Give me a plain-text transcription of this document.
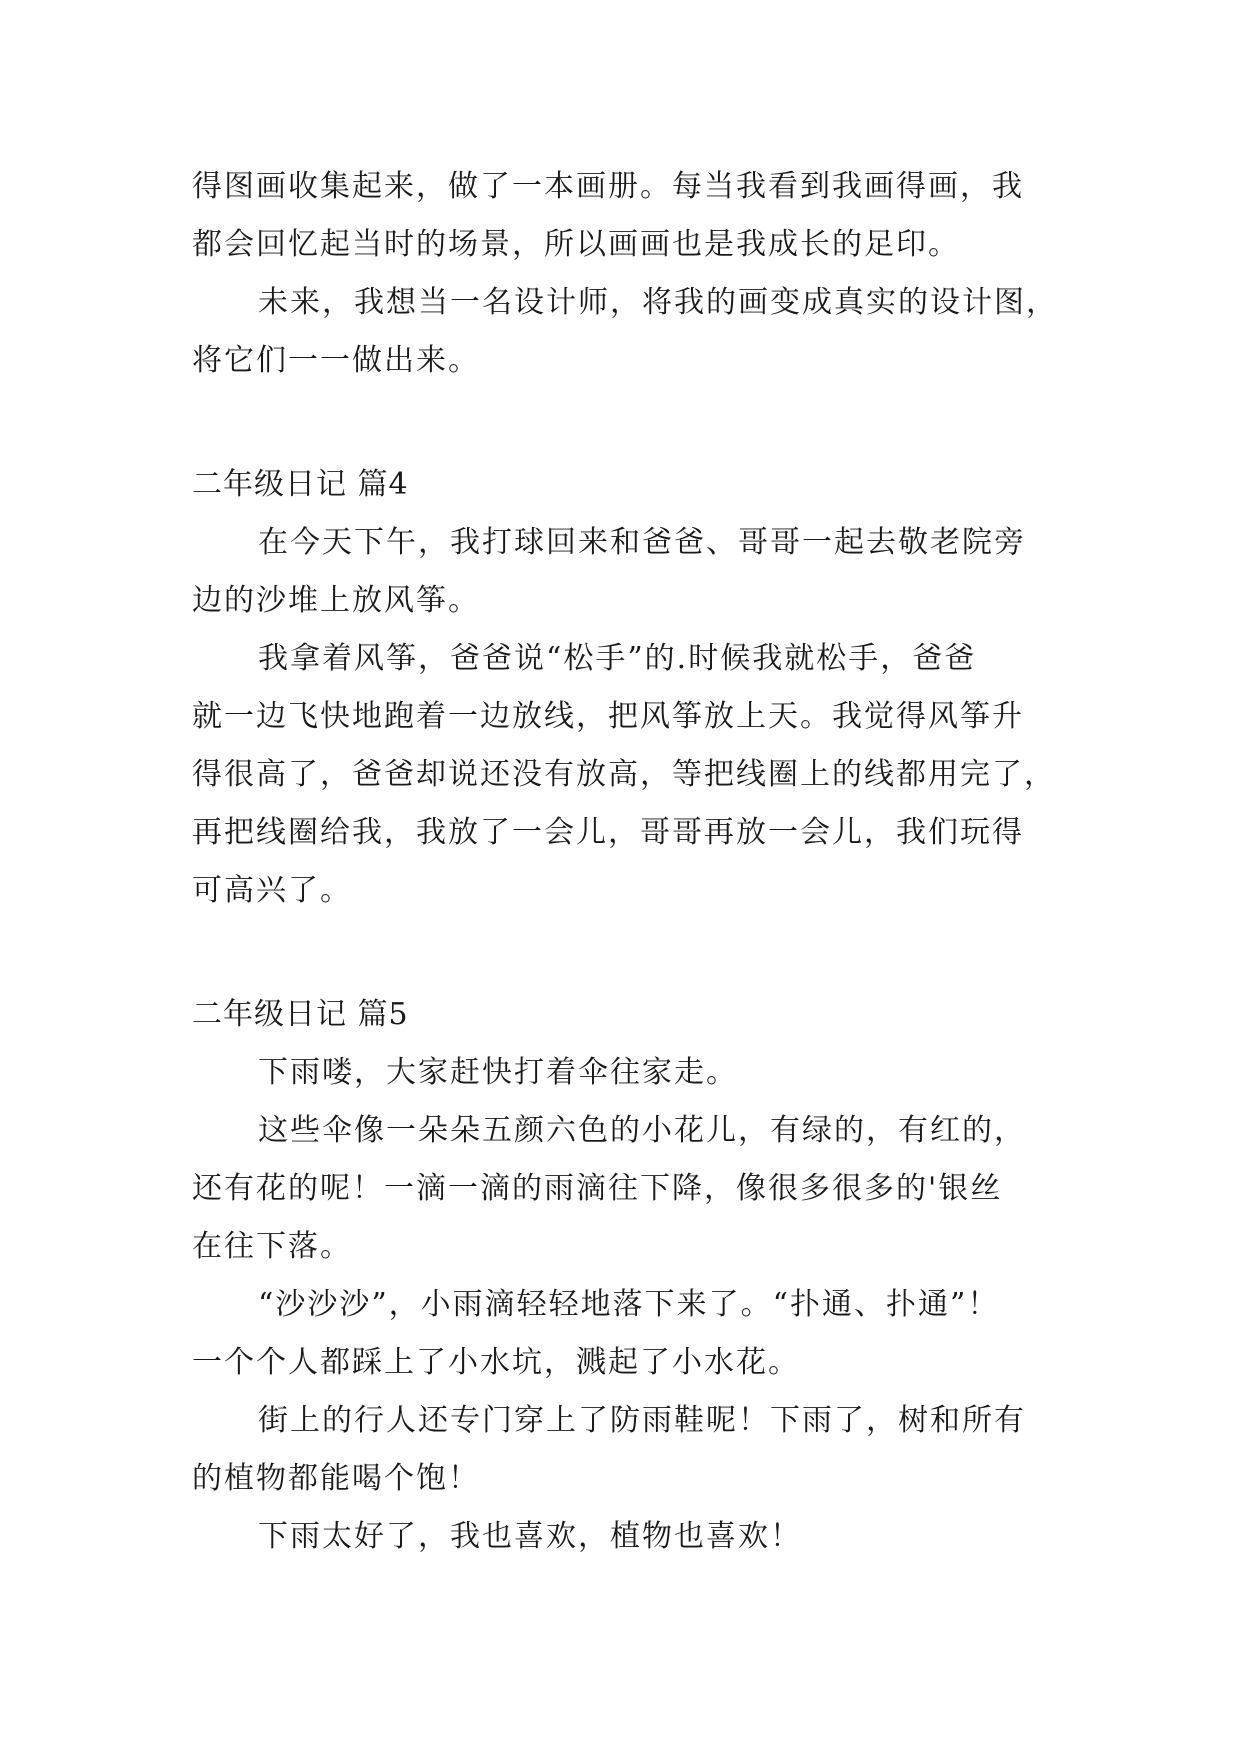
得图画收集起来，做了一本画册。每当我看到我画得画，我
都会回忆起当时的场景，所以画画也是我成长的足印。
未来，我想当一名设计师，将我的画变成真实的设计图，
将它们一一做出来。
二年级日记 篇4
在今天下午，我打球回来和爸爸、哥哥一起去敬老院旁
边的沙堆上放风筝。
我拿着风筝，爸爸说“松手”的.时候我就松手，爸爸
就一边飞快地跑着一边放线，把风筝放上天。我觉得风筝升
得很高了，爸爸却说还没有放高，等把线圈上的线都用完了，
再把线圈给我，我放了一会儿，哥哥再放一会儿，我们玩得
可高兴了。
二年级日记 篇5
下雨喽，大家赶快打着伞往家走。
这些伞像一朵朵五颜六色的小花儿，有绿的，有红的，
还有花的呢！一滴一滴的雨滴往下降，像很多很多的'银丝
在往下落。
“沙沙沙”，小雨滴轻轻地落下来了。“扑通、扑通”！
一个个人都踩上了小水坑，溅起了小水花。
街上的行人还专门穿上了防雨鞋呢！下雨了，树和所有
的植物都能喝个饱！
下雨太好了，我也喜欢，植物也喜欢！
